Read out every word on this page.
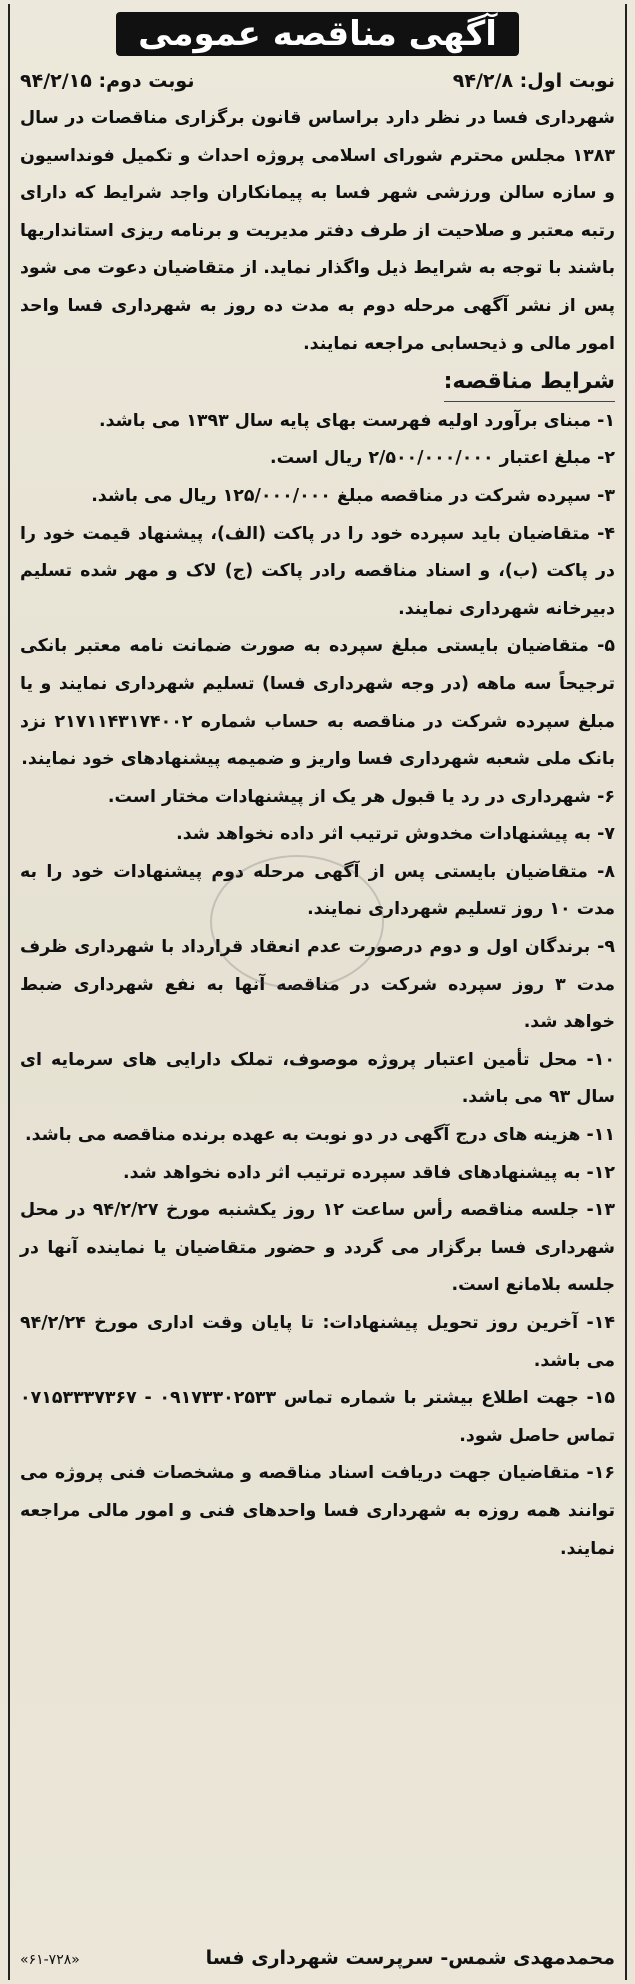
آگهی مناقصه عمومی
نوبت اول: ۹۴/۲/۸
نوبت دوم: ۹۴/۲/۱۵

شهرداری فسا در نظر دارد براساس قانون برگزاری مناقصات در سال ۱۳۸۳ مجلس محترم شورای اسلامی پروژه احداث و تکمیل فونداسیون و سازه سالن ورزشی شهر فسا به پیمانکاران واجد شرایط که دارای رتبه معتبر و صلاحیت از طرف دفتر مدیریت و برنامه ریزی استانداریها باشند با توجه به شرایط ذیل واگذار نماید. از متقاضیان دعوت می شود پس از نشر آگهی مرحله دوم به مدت ده روز به شهرداری فسا واحد امور مالی و ذیحسابی مراجعه نمایند.

شرایط مناقصه:
۱- مبنای برآورد اولیه فهرست بهای پایه سال ۱۳۹۳ می باشد.
۲- مبلغ اعتبار ۲/۵۰۰/۰۰۰/۰۰۰ ریال است.
۳- سپرده شرکت در مناقصه مبلغ ۱۲۵/۰۰۰/۰۰۰ ریال می باشد.
۴- متقاضیان باید سپرده خود را در پاکت (الف)، پیشنهاد قیمت خود را در پاکت (ب)، و اسناد مناقصه رادر پاکت (ج) لاک و مهر شده تسلیم دبیرخانه شهرداری نمایند.
۵- متقاضیان بایستی مبلغ سپرده به صورت ضمانت نامه معتبر بانکی ترجیحاً سه ماهه (در وجه شهرداری فسا) تسلیم شهرداری نمایند و یا مبلغ سپرده شرکت در مناقصه به حساب شماره ۲۱۷۱۱۴۳۱۷۴۰۰۲ نزد بانک ملی شعبه شهرداری فسا واریز و ضمیمه پیشنهادهای خود نمایند.
۶- شهرداری در رد یا قبول هر یک از پیشنهادات مختار است.
۷- به پیشنهادات مخدوش ترتیب اثر داده نخواهد شد.
۸- متقاضیان بایستی پس از آگهی مرحله دوم پیشنهادات خود را به مدت ۱۰ روز تسلیم شهرداری نمایند.
۹- برندگان اول و دوم درصورت عدم انعقاد قرارداد با شهرداری ظرف مدت ۳ روز سپرده شرکت در مناقصه آنها به نفع شهرداری ضبط خواهد شد.
۱۰- محل تأمین اعتبار پروژه موصوف، تملک دارایی های سرمایه ای سال ۹۳ می باشد.
۱۱- هزینه های درج آگهی در دو نوبت به عهده برنده مناقصه می باشد.
۱۲- به پیشنهادهای فاقد سپرده ترتیب اثر داده نخواهد شد.
۱۳- جلسه مناقصه رأس ساعت ۱۲ روز یکشنبه مورخ ۹۴/۲/۲۷ در محل شهرداری فسا برگزار می گردد و حضور متقاضیان یا نماینده آنها در جلسه بلامانع است.
۱۴- آخرین روز تحویل پیشنهادات: تا پایان وقت اداری مورخ ۹۴/۲/۲۴ می باشد.
۱۵- جهت اطلاع بیشتر با شماره تماس ۰۹۱۷۳۳۰۲۵۳۳ - ۰۷۱۵۳۳۳۷۳۶۷ تماس حاصل شود.
۱۶- متقاضیان جهت دریافت اسناد مناقصه و مشخصات فنی پروژه می توانند همه روزه به شهرداری فسا واحدهای فنی و امور مالی مراجعه نمایند.
محمدمهدی شمس- سرپرست شهرداری فسا
«۶۱-۷۲۸»
